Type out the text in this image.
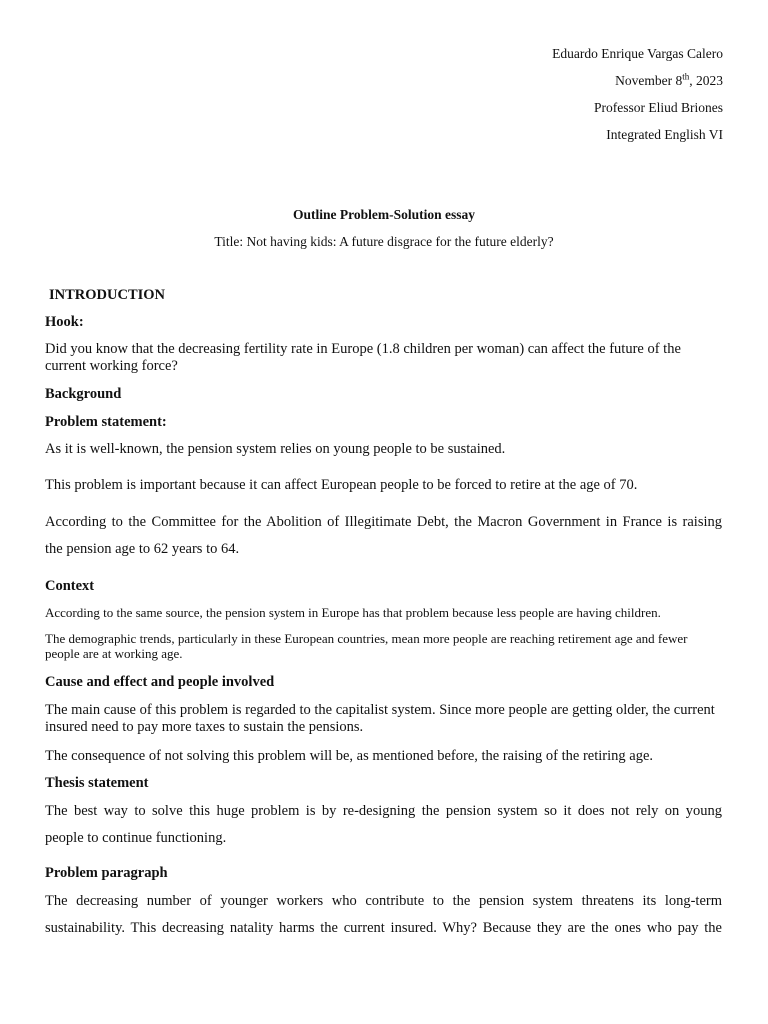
Eduardo Enrique Vargas Calero
November 8th, 2023
Professor Eliud Briones
Integrated English VI
Outline Problem-Solution essay
Title: Not having kids: A future disgrace for the future elderly?
INTRODUCTION
Hook:
Did you know that the decreasing fertility rate in Europe (1.8 children per woman) can affect the future of the current working force?
Background
Problem statement:
As it is well-known, the pension system relies on young people to be sustained.
This problem is important because it can affect European people to be forced to retire at the age of 70.
According to the Committee for the Abolition of Illegitimate Debt, the Macron Government in France is raising
the pension age to 62 years to 64.
Context
According to the same source, the pension system in Europe has that problem because less people are having children.
The demographic trends, particularly in these European countries, mean more people are reaching retirement age and fewer people are at working age.
Cause and effect and people involved
The main cause of this problem is regarded to the capitalist system. Since more people are getting older, the current insured need to pay more taxes to sustain the pensions.
The consequence of not solving this problem will be, as mentioned before, the raising of the retiring age.
Thesis statement
The best way to solve this huge problem is by re-designing the pension system so it does not rely on young
people to continue functioning.
Problem paragraph
The decreasing number of younger workers who contribute to the pension system threatens its long-term
sustainability. This decreasing natality harms the current insured. Why? Because they are the ones who pay the
